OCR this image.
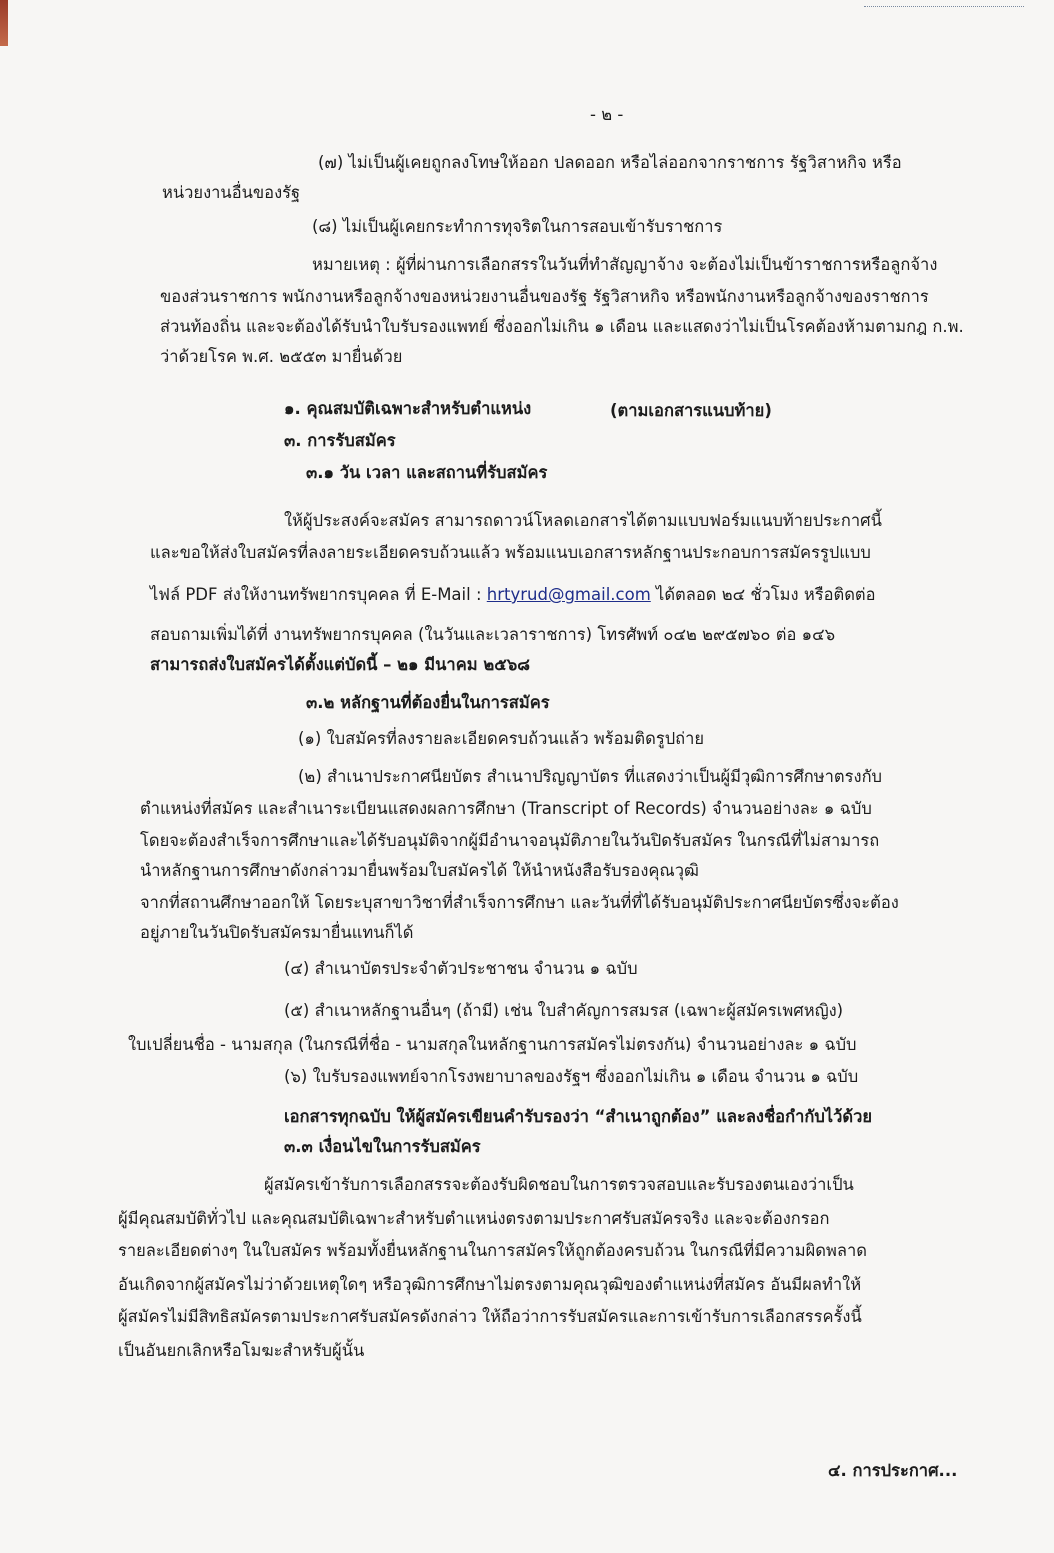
- ๒ -
(๗) ไม่เป็นผู้เคยถูกลงโทษให้ออก ปลดออก หรือไล่ออกจากราชการ รัฐวิสาหกิจ หรือ
หน่วยงานอื่นของรัฐ
(๘) ไม่เป็นผู้เคยกระทำการทุจริตในการสอบเข้ารับราชการ
หมายเหตุ : ผู้ที่ผ่านการเลือกสรรในวันที่ทำสัญญาจ้าง จะต้องไม่เป็นข้าราชการหรือลูกจ้าง
ของส่วนราชการ พนักงานหรือลูกจ้างของหน่วยงานอื่นของรัฐ รัฐวิสาหกิจ หรือพนักงานหรือลูกจ้างของราชการ
ส่วนท้องถิ่น และจะต้องได้รับนำใบรับรองแพทย์ ซึ่งออกไม่เกิน ๑ เดือน และแสดงว่าไม่เป็นโรคต้องห้ามตามกฎ ก.พ.
ว่าด้วยโรค พ.ศ. ๒๕๕๓ มายื่นด้วย
๑. คุณสมบัติเฉพาะสำหรับตำแหน่ง	(ตามเอกสารแนบท้าย)
๓. การรับสมัคร
๓.๑ วัน เวลา และสถานที่รับสมัคร
ให้ผู้ประสงค์จะสมัคร สามารถดาวน์โหลดเอกสารได้ตามแบบฟอร์มแนบท้ายประกาศนี้
และขอให้ส่งใบสมัครที่ลงลายระเอียดครบถ้วนแล้ว พร้อมแนบเอกสารหลักฐานประกอบการสมัครรูปแบบ
ไฟล์ PDF ส่งให้งานทรัพยากรบุคคล ที่ E-Mail : hrtyrud@gmail.com ได้ตลอด ๒๔ ชั่วโมง หรือติดต่อ
สอบถามเพิ่มได้ที่ งานทรัพยากรบุคคล (ในวันและเวลาราชการ) โทรศัพท์ ๐๔๒ ๒๙๕๗๖๐ ต่อ ๑๔๖
สามารถส่งใบสมัครได้ตั้งแต่บัดนี้ – ๒๑ มีนาคม ๒๕๖๘
๓.๒ หลักฐานที่ต้องยื่นในการสมัคร
(๑) ใบสมัครที่ลงรายละเอียดครบถ้วนแล้ว พร้อมติดรูปถ่าย
(๒) สำเนาประกาศนียบัตร สำเนาปริญญาบัตร ที่แสดงว่าเป็นผู้มีวุฒิการศึกษาตรงกับ
ตำแหน่งที่สมัคร และสำเนาระเบียนแสดงผลการศึกษา (Transcript of Records) จำนวนอย่างละ ๑ ฉบับ
โดยจะต้องสำเร็จการศึกษาและได้รับอนุมัติจากผู้มีอำนาจอนุมัติภายในวันปิดรับสมัคร ในกรณีที่ไม่สามารถ
นำหลักฐานการศึกษาดังกล่าวมายื่นพร้อมใบสมัครได้ ให้นำหนังสือรับรองคุณวุฒิ
จากที่สถานศึกษาออกให้ โดยระบุสาขาวิชาที่สำเร็จการศึกษา และวันที่ที่ได้รับอนุมัติประกาศนียบัตรซึ่งจะต้อง
อยู่ภายในวันปิดรับสมัครมายื่นแทนก็ได้
(๔) สำเนาบัตรประจำตัวประชาชน จำนวน ๑ ฉบับ
(๕) สำเนาหลักฐานอื่นๆ (ถ้ามี) เช่น ใบสำคัญการสมรส (เฉพาะผู้สมัครเพศหญิง)
ใบเปลี่ยนชื่อ - นามสกุล (ในกรณีที่ชื่อ - นามสกุลในหลักฐานการสมัครไม่ตรงกัน) จำนวนอย่างละ ๑ ฉบับ
(๖) ใบรับรองแพทย์จากโรงพยาบาลของรัฐฯ ซึ่งออกไม่เกิน ๑ เดือน จำนวน ๑ ฉบับ
เอกสารทุกฉบับ ให้ผู้สมัครเขียนคำรับรองว่า “สำเนาถูกต้อง” และลงชื่อกำกับไว้ด้วย
๓.๓ เงื่อนไขในการรับสมัคร
ผู้สมัครเข้ารับการเลือกสรรจะต้องรับผิดชอบในการตรวจสอบและรับรองตนเองว่าเป็น
ผู้มีคุณสมบัติทั่วไป และคุณสมบัติเฉพาะสำหรับตำแหน่งตรงตามประกาศรับสมัครจริง และจะต้องกรอก
รายละเอียดต่างๆ ในใบสมัคร พร้อมทั้งยื่นหลักฐานในการสมัครให้ถูกต้องครบถ้วน ในกรณีที่มีความผิดพลาด
อันเกิดจากผู้สมัครไม่ว่าด้วยเหตุใดๆ หรือวุฒิการศึกษาไม่ตรงตามคุณวุฒิของตำแหน่งที่สมัคร อันมีผลทำให้
ผู้สมัครไม่มีสิทธิสมัครตามประกาศรับสมัครดังกล่าว ให้ถือว่าการรับสมัครและการเข้ารับการเลือกสรรครั้งนี้
เป็นอันยกเลิกหรือโมฆะสำหรับผู้นั้น
๔. การประกาศ...
